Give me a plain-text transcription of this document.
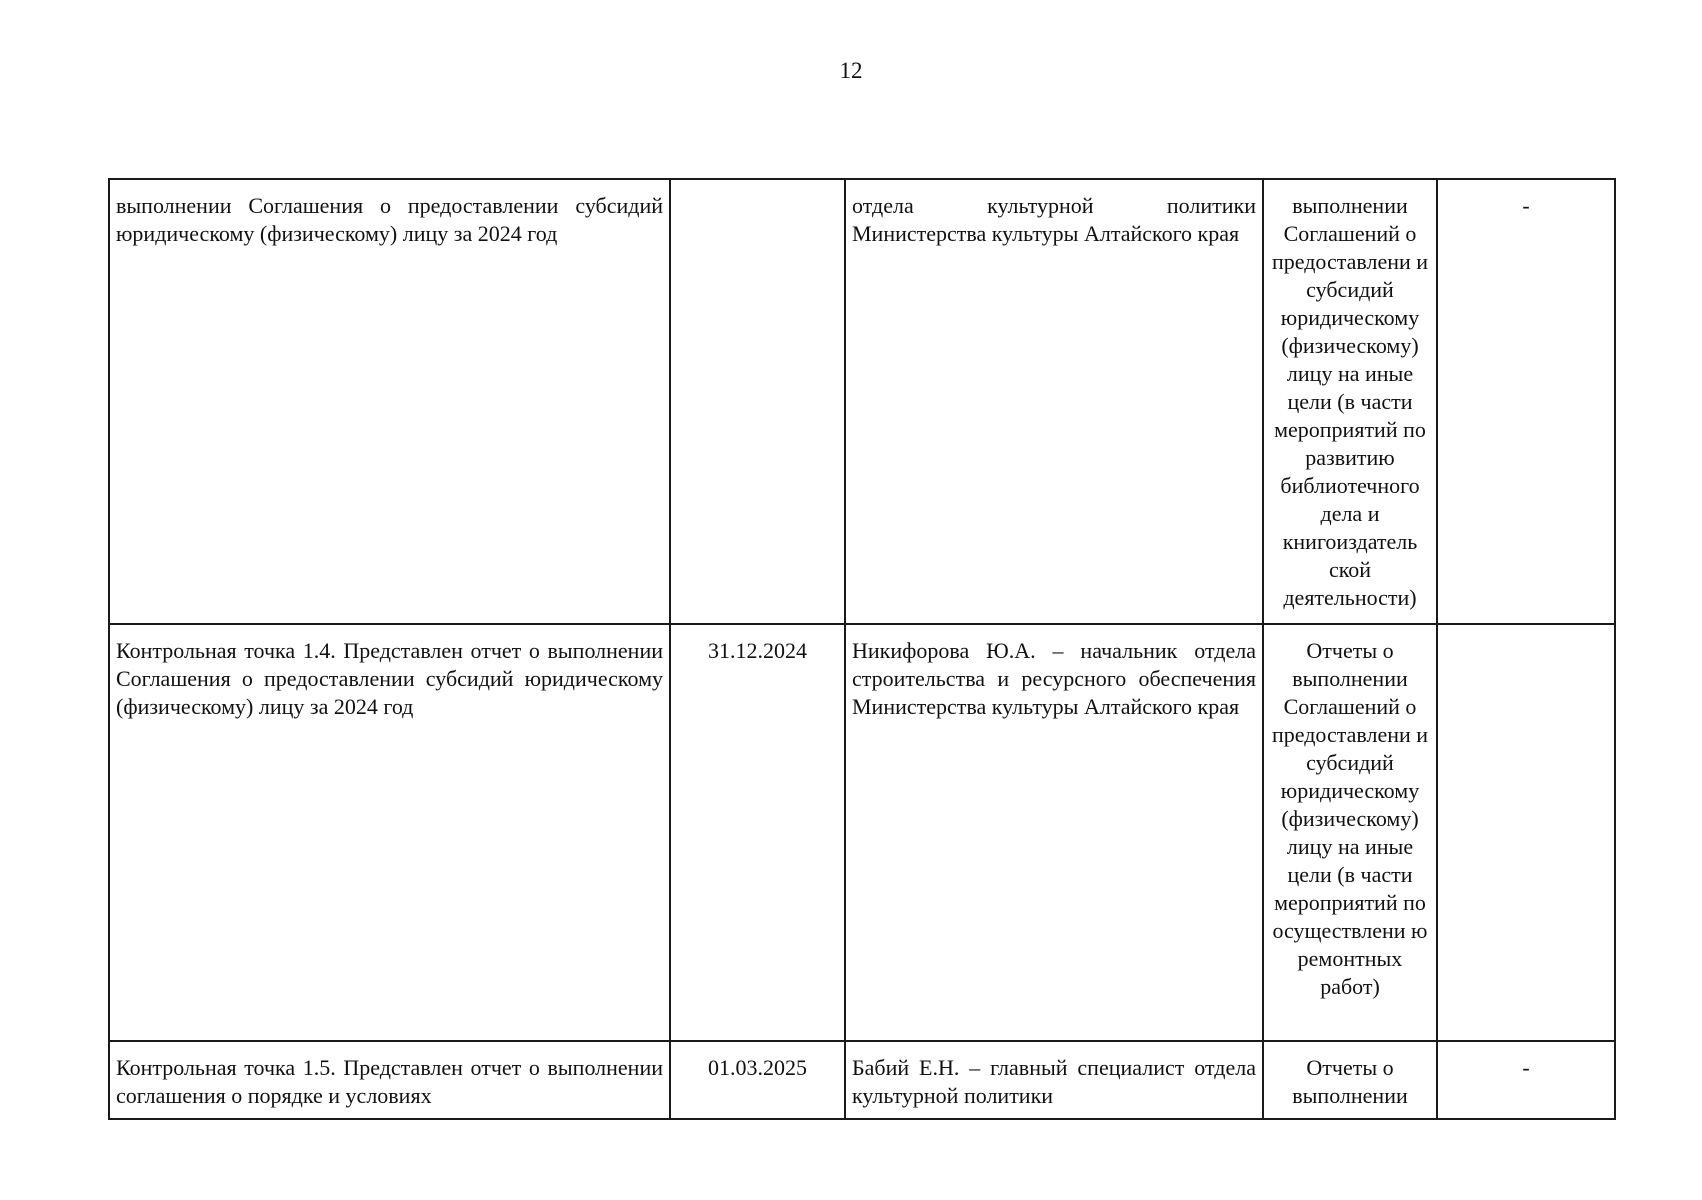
12
выполнении Соглашения о предоставлении субсидий юридическому (физическому) лицу за 2024 год		отдела культурной политики Министерства культуры Алтайского края	выполнении Соглашений о предоставлени и субсидий юридическому (физическому) лицу на иные цели (в части мероприятий по развитию библиотечного дела и книгоиздатель ской деятельности)	-
Контрольная точка 1.4. Представлен отчет о выполнении Соглашения о предоставлении субсидий юридическому (физическому) лицу за 2024 год	31.12.2024	Никифорова Ю.А. – начальник отдела строительства и ресурсного обеспечения Министерства культуры Алтайского края	Отчеты о выполнении Соглашений о предоставлени и субсидий юридическому (физическому) лицу на иные цели (в части мероприятий по осуществлени ю ремонтных работ)	
Контрольная точка 1.5. Представлен отчет о выполнении соглашения о порядке и условиях	01.03.2025	Бабий Е.Н. – главный специалист отдела культурной политики	Отчеты о выполнении	-
